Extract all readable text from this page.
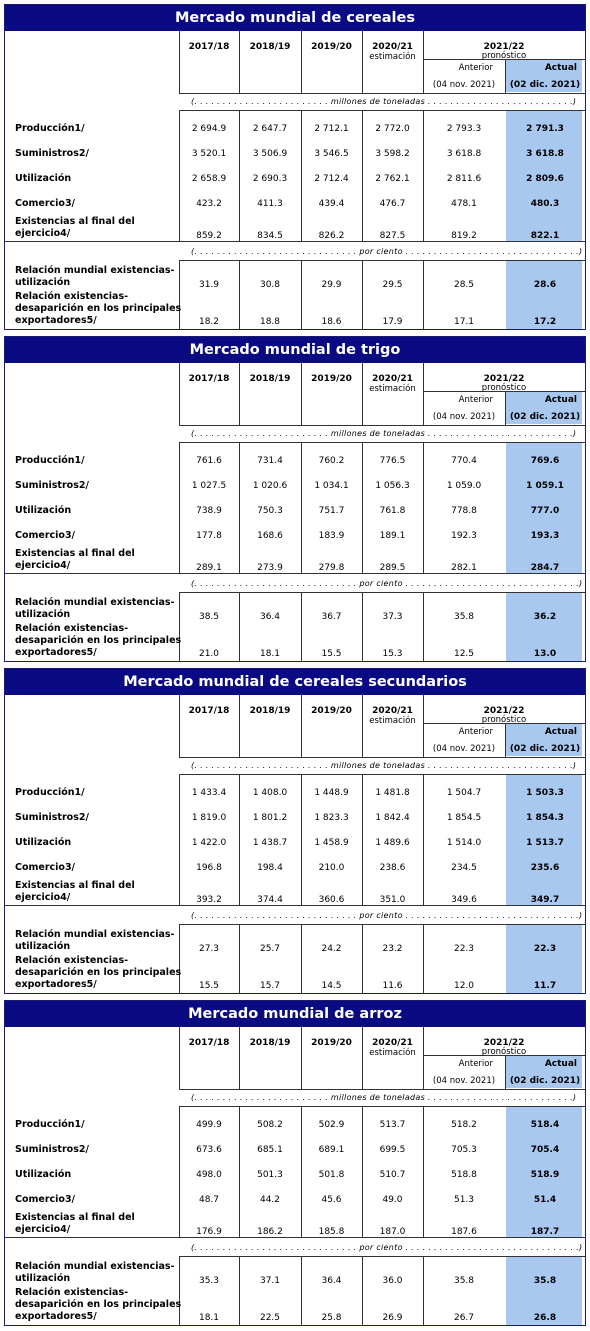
Mercado mundial de cereales
2017/18	2018/19	2019/20	2020/21
estimación
2021/22
pronóstico
Anterior
(04 nov. 2021)
Actual
(02 dic. 2021)
(. . . . . . . . . . . . . . . . . . . . . . . . millones de toneladas . . . . . . . . . . . . . . . . . . . . . . . . . .)
(. . . . . . . . . . . . . . . . . . . . . . . . . . . . . por ciento . . . . . . . . . . . . . . . . . . . . . . . . . . . . . . .)
Producción1/	2 694.9	2 647.7	2 712.1	2 772.0	2 793.3	2 791.3
Suministros2/	3 520.1	3 506.9	3 546.5	3 598.2	3 618.8	3 618.8
Utilización	2 658.9	2 690.3	2 712.4	2 762.1	2 811.6	2 809.6
Comercio3/	423.2	411.3	439.4	476.7	478.1	480.3
Existencias al final del ejercicio4/	859.2	834.5	826.2	827.5	819.2	822.1
Relación mundial existencias-utilización	31.9	30.8	29.9	29.5	28.5	28.6
Relación existencias-desaparición en los principales exportadores5/	18.2	18.8	18.6	17.9	17.1	17.2
Mercado mundial de trigo
2017/18	2018/19	2019/20	2020/21
estimación
2021/22
pronóstico
Anterior
(04 nov. 2021)
Actual
(02 dic. 2021)
(. . . . . . . . . . . . . . . . . . . . . . . . millones de toneladas . . . . . . . . . . . . . . . . . . . . . . . . . .)
(. . . . . . . . . . . . . . . . . . . . . . . . . . . . . por ciento . . . . . . . . . . . . . . . . . . . . . . . . . . . . . . .)
Producción1/	761.6	731.4	760.2	776.5	770.4	769.6
Suministros2/	1 027.5	1 020.6	1 034.1	1 056.3	1 059.0	1 059.1
Utilización	738.9	750.3	751.7	761.8	778.8	777.0
Comercio3/	177.8	168.6	183.9	189.1	192.3	193.3
Existencias al final del ejercicio4/	289.1	273.9	279.8	289.5	282.1	284.7
Relación mundial existencias-utilización	38.5	36.4	36.7	37.3	35.8	36.2
Relación existencias-desaparición en los principales exportadores5/	21.0	18.1	15.5	15.3	12.5	13.0
Mercado mundial de cereales secundarios
2017/18	2018/19	2019/20	2020/21
estimación
2021/22
pronóstico
Anterior
(04 nov. 2021)
Actual
(02 dic. 2021)
(. . . . . . . . . . . . . . . . . . . . . . . . millones de toneladas . . . . . . . . . . . . . . . . . . . . . . . . . .)
(. . . . . . . . . . . . . . . . . . . . . . . . . . . . . por ciento . . . . . . . . . . . . . . . . . . . . . . . . . . . . . . .)
Producción1/	1 433.4	1 408.0	1 448.9	1 481.8	1 504.7	1 503.3
Suministros2/	1 819.0	1 801.2	1 823.3	1 842.4	1 854.5	1 854.3
Utilización	1 422.0	1 438.7	1 458.9	1 489.6	1 514.0	1 513.7
Comercio3/	196.8	198.4	210.0	238.6	234.5	235.6
Existencias al final del ejercicio4/	393.2	374.4	360.6	351.0	349.6	349.7
Relación mundial existencias-utilización	27.3	25.7	24.2	23.2	22.3	22.3
Relación existencias-desaparición en los principales exportadores5/	15.5	15.7	14.5	11.6	12.0	11.7
Mercado mundial de arroz
2017/18	2018/19	2019/20	2020/21
estimación
2021/22
pronóstico
Anterior
(04 nov. 2021)
Actual
(02 dic. 2021)
(. . . . . . . . . . . . . . . . . . . . . . . . millones de toneladas . . . . . . . . . . . . . . . . . . . . . . . . . .)
(. . . . . . . . . . . . . . . . . . . . . . . . . . . . . por ciento . . . . . . . . . . . . . . . . . . . . . . . . . . . . . . .)
Producción1/	499.9	508.2	502.9	513.7	518.2	518.4
Suministros2/	673.6	685.1	689.1	699.5	705.3	705.4
Utilización	498.0	501.3	501.8	510.7	518.8	518.9
Comercio3/	48.7	44.2	45.6	49.0	51.3	51.4
Existencias al final del ejercicio4/	176.9	186.2	185.8	187.0	187.6	187.7
Relación mundial existencias-utilización	35.3	37.1	36.4	36.0	35.8	35.8
Relación existencias-desaparición en los principales exportadores5/	18.1	22.5	25.8	26.9	26.7	26.8
